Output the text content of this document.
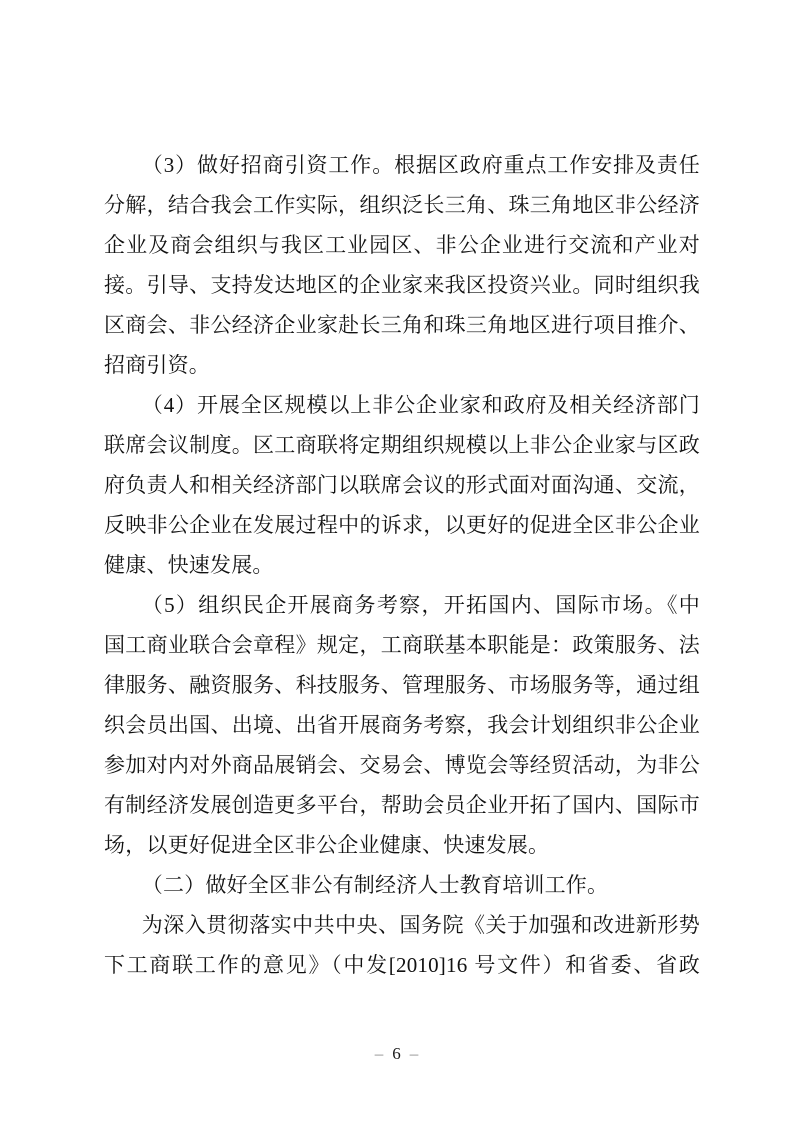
（3）做好招商引资工作。根据区政府重点工作安排及责任
分解，结合我会工作实际，组织泛长三角、珠三角地区非公经济
企业及商会组织与我区工业园区、非公企业进行交流和产业对
接。引导、支持发达地区的企业家来我区投资兴业。同时组织我
区商会、非公经济企业家赴长三角和珠三角地区进行项目推介、
招商引资。
（4）开展全区规模以上非公企业家和政府及相关经济部门
联席会议制度。区工商联将定期组织规模以上非公企业家与区政
府负责人和相关经济部门以联席会议的形式面对面沟通、交流，
反映非公企业在发展过程中的诉求，以更好的促进全区非公企业
健康、快速发展。
（5）组织民企开展商务考察，开拓国内、国际市场。《中
国工商业联合会章程》规定，工商联基本职能是：政策服务、法
律服务、融资服务、科技服务、管理服务、市场服务等，通过组
织会员出国、出境、出省开展商务考察，我会计划组织非公企业
参加对内对外商品展销会、交易会、博览会等经贸活动，为非公
有制经济发展创造更多平台，帮助会员企业开拓了国内、国际市
场，以更好促进全区非公企业健康、快速发展。
（二）做好全区非公有制经济人士教育培训工作。
为深入贯彻落实中共中央、国务院《关于加强和改进新形势
下工商联工作的意见》（中发[2010]16 号文件）和省委、省政
– 6 –
